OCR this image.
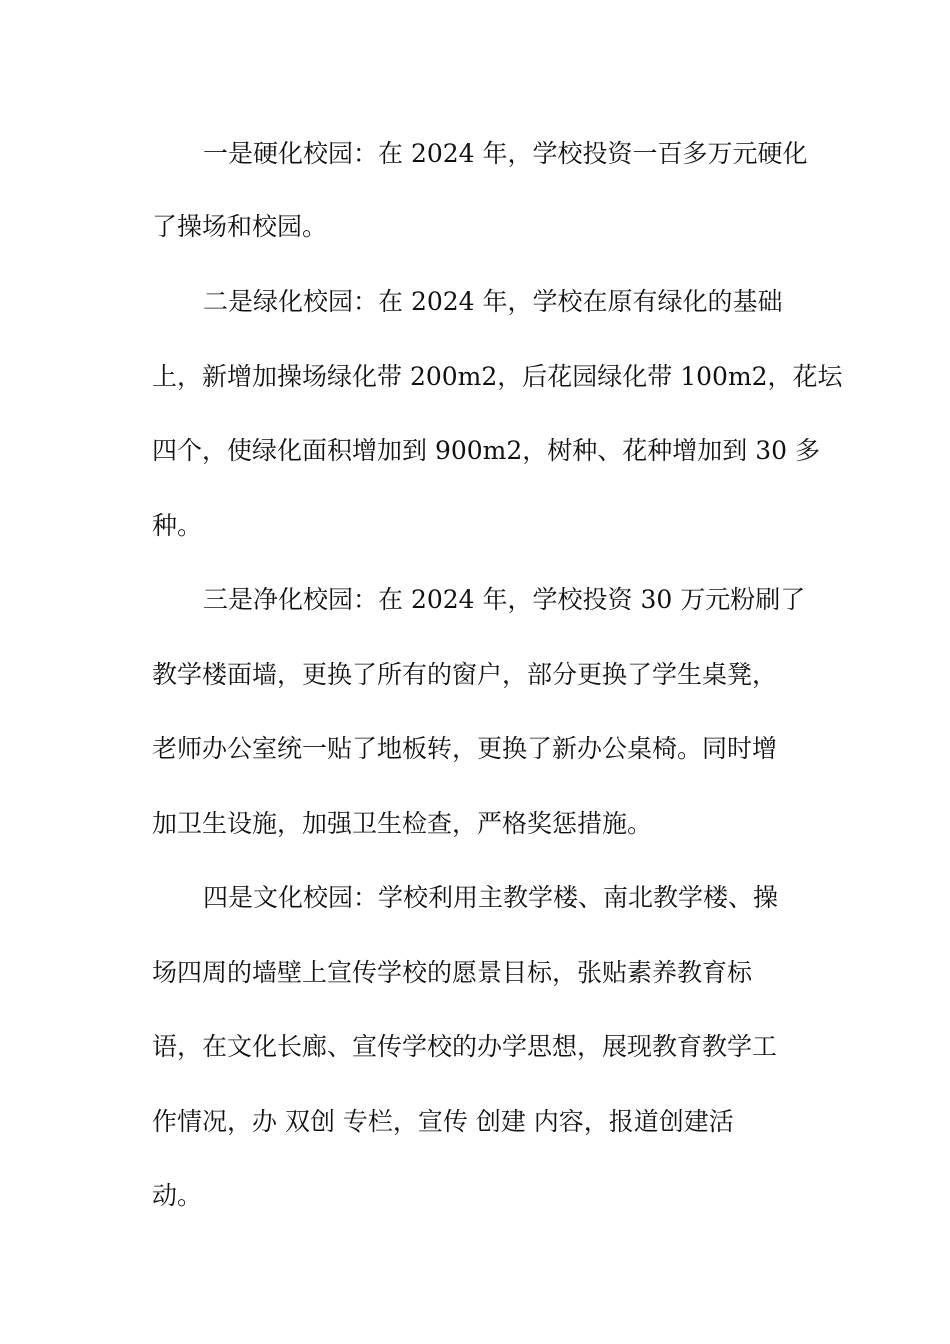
一是硬化校园：在 2024 年，学校投资一百多万元硬化
了操场和校园。
二是绿化校园：在 2024 年，学校在原有绿化的基础
上，新增加操场绿化带 200m2，后花园绿化带 100m2，花坛
四个，使绿化面积增加到 900m2，树种、花种增加到 30 多
种。
三是净化校园：在 2024 年，学校投资 30 万元粉刷了
教学楼面墙，更换了所有的窗户，部分更换了学生桌凳，
老师办公室统一贴了地板转，更换了新办公桌椅。同时增
加卫生设施，加强卫生检查，严格奖惩措施。
四是文化校园：学校利用主教学楼、南北教学楼、操
场四周的墙壁上宣传学校的愿景目标，张贴素养教育标
语，在文化长廊、宣传学校的办学思想，展现教育教学工
作情况，办 双创 专栏，宣传 创建 内容，报道创建活
动。
